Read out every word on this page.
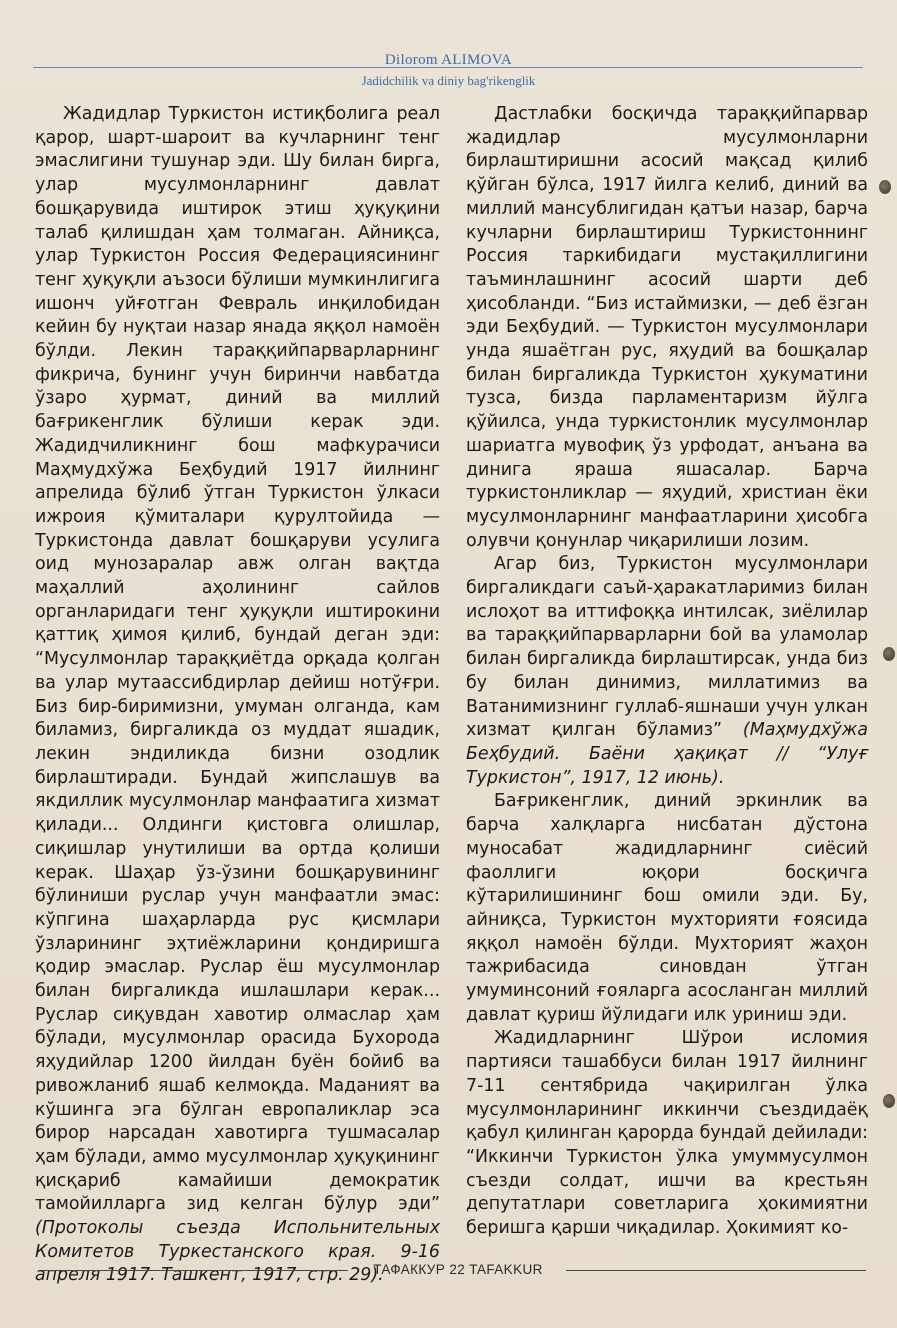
Dilorom ALIMOVA
Jadidchilik va diniy bag'rikenglik

Жадидлар Туркистон истиқболига реал қарор, шарт-шароит ва кучларнинг тенг эмаслигини тушунар эди. Шу билан бирга, улар мусулмонларнинг давлат бошқарувида иштирок этиш ҳуқуқини талаб қилишдан ҳам толмаган. Айниқса, улар Туркистон Россия Федерациясининг тенг ҳуқуқли аъзоси бўлиши мумкинлигига ишонч уйғотган Февраль инқилобидан кейин бу нуқтаи назар янада яққол намоён бўлди. Лекин тараққийпарварларнинг фикрича, бунинг учун биринчи навбатда ўзаро ҳурмат, диний ва миллий бағрикенглик бўлиши керак эди. Жадидчиликнинг бош мафкурачиси Маҳмудхўжа Беҳбудий 1917 йилнинг апрелида бўлиб ўтган Туркистон ўлкаси ижроия қўмиталари қурултойида — Туркистонда давлат бошқаруви усулига оид мунозаралар авж олган вақтда маҳаллий аҳолининг сайлов органларидаги тенг ҳуқуқли иштирокини қаттиқ ҳимоя қилиб, бундай деган эди: “Мусулмонлар тараққиётда орқада қолган ва улар мутаассибдирлар дейиш нотўғри. Биз бир-биримизни, умуман олганда, кам биламиз, биргаликда оз муддат яшадик, лекин эндиликда бизни озодлик бирлаштиради. Бундай жипслашув ва якдиллик мусулмонлар манфаатига хизмат қилади... Олдинги қистовга олишлар, сиқишлар унутилиши ва ортда қолиши керак. Шаҳар ўз-ўзини бошқарувининг бўлиниши руслар учун манфаатли эмас: кўпгина шаҳарларда рус қисмлари ўзларининг эҳтиёжларини қондиришга қодир эмаслар. Руслар ёш мусулмонлар билан биргаликда ишлашлари керак... Руслар сиқувдан хавотир олмаслар ҳам бўлади, мусулмонлар орасида Бухорода яҳудийлар 1200 йилдан буён бойиб ва ривожланиб яшаб келмоқда. Маданият ва кўшинга эга бўлган европаликлар эса бирор нарсадан хавотирга тушмасалар ҳам бўлади, аммо мусулмонлар ҳуқуқининг қисқариб камайиши демократик тамойилларга зид келган бўлур эди” (Протоколы съезда Испольнительных Комитетов Туркестанского края. 9-16 апреля 1917. Ташкент, 1917, стр. 29).

Дастлабки босқичда тараққийпарвар жадидлар мусулмонларни бирлаштиришни асосий мақсад қилиб қўйган бўлса, 1917 йилга келиб, диний ва миллий мансублигидан қатъи назар, барча кучларни бирлаштириш Туркистоннинг Россия таркибидаги мустақиллигини таъминлашнинг асосий шарти деб ҳисобланди. “Биз истаймизки, — деб ёзган эди Беҳбудий. — Туркистон мусулмонлари унда яшаётган рус, яҳудий ва бошқалар билан биргаликда Туркистон ҳукуматини тузса, бизда парламентаризм йўлга қўйилса, унда туркистонлик мусулмонлар шариатга мувофиқ ўз урфодат, анъана ва динига яраша яшасалар. Барча туркистонликлар — яҳудий, христиан ёки мусулмонларнинг манфаатларини ҳисобга олувчи қонунлар чиқарилиши лозим.

Агар биз, Туркистон мусулмонлари биргаликдаги саъй-ҳаракатларимиз билан ислоҳот ва иттифоққа интилсак, зиёлилар ва тараққийпарварларни бой ва уламолар билан биргаликда бирлаштирсак, унда биз бу билан динимиз, миллатимиз ва Ватанимизнинг гуллаб-яшнаши учун улкан хизмат қилган бўламиз” (Маҳмудхўжа Беҳбудий. Баёни ҳақиқат // “Улуғ Туркистон”, 1917, 12 июнь).

Бағрикенглик, диний эркинлик ва барча халқларга нисбатан дўстона муносабат жадидларнинг сиёсий фаоллиги юқори босқичга кўтарилишининг бош омили эди. Бу, айниқса, Туркистон мухторияти ғоясида яққол намоён бўлди. Мухторият жаҳон тажрибасида синовдан ўтган умуминсоний ғояларга асосланган миллий давлат қуриш йўлидаги илк уриниш эди.

Жадидларнинг Шўрои исломия партияси ташаббуси билан 1917 йилнинг 7-11 сентябрида чақирилган ўлка мусулмонларининг иккинчи съездидаёқ қабул қилинган қарорда бундай дейилади: “Иккинчи Туркистон ўлка умуммусулмон съезди солдат, ишчи ва крестьян депутатлари советларига ҳокимиятни беришга қарши чиқадилар. Ҳокимият ко-

ТАФАККУР 22 TAFAKKUR
